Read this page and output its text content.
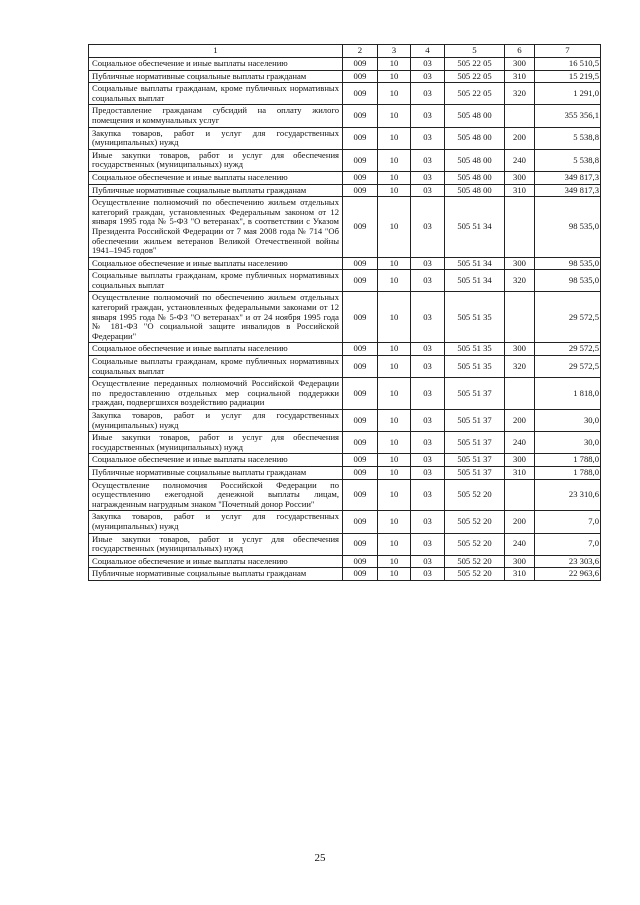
1	2	3	4	5	6	7
Социальное обеспечение и иные выплаты населению	009	10	03	505 22 05	300	16 510,5
Публичные нормативные социальные выплаты гражданам	009	10	03	505 22 05	310	15 219,5
Социальные выплаты гражданам, кроме публичных нормативных социальных выплат	009	10	03	505 22 05	320	1 291,0
Предоставление гражданам субсидий на оплату жилого помещения и коммунальных услуг	009	10	03	505 48 00		355 356,1
Закупка товаров, работ и услуг для государственных (муниципальных) нужд	009	10	03	505 48 00	200	5 538,8
Иные закупки товаров, работ и услуг для обеспечения государственных (муниципальных) нужд	009	10	03	505 48 00	240	5 538,8
Социальное обеспечение и иные выплаты населению	009	10	03	505 48 00	300	349 817,3
Публичные нормативные социальные выплаты гражданам	009	10	03	505 48 00	310	349 817,3
Осуществление полномочий по обеспечению жильем отдельных категорий граждан, установленных Федеральным законом от 12 января 1995 года № 5-ФЗ "О ветеранах", в соответствии с Указом Президента Российской Федерации от 7 мая 2008 года № 714 "Об обеспечении жильем ветеранов Великой Отечественной войны 1941–1945 годов"	009	10	03	505 51 34		98 535,0
Социальное обеспечение и иные выплаты населению	009	10	03	505 51 34	300	98 535,0
Социальные выплаты гражданам, кроме публичных нормативных социальных выплат	009	10	03	505 51 34	320	98 535,0
Осуществление полномочий по обеспечению жильем отдельных категорий граждан, установленных федеральными законами от 12 января 1995 года № 5-ФЗ "О ветеранах" и от 24 ноября 1995 года № 181-ФЗ "О социальной защите инвалидов в Российской Федерации"	009	10	03	505 51 35		29 572,5
Социальное обеспечение и иные выплаты населению	009	10	03	505 51 35	300	29 572,5
Социальные выплаты гражданам, кроме публичных нормативных социальных выплат	009	10	03	505 51 35	320	29 572,5
Осуществление переданных полномочий Российской Федерации по предоставлению отдельных мер социальной поддержки граждан, подвергшихся воздействию радиации	009	10	03	505 51 37		1 818,0
Закупка товаров, работ и услуг для государственных (муниципальных) нужд	009	10	03	505 51 37	200	30,0
Иные закупки товаров, работ и услуг для обеспечения государственных (муниципальных) нужд	009	10	03	505 51 37	240	30,0
Социальное обеспечение и иные выплаты населению	009	10	03	505 51 37	300	1 788,0
Публичные нормативные социальные выплаты гражданам	009	10	03	505 51 37	310	1 788,0
Осуществление полномочия Российской Федерации по осуществлению ежегодной денежной выплаты лицам, награжденным нагрудным знаком "Почетный донор России"	009	10	03	505 52 20		23 310,6
Закупка товаров, работ и услуг для государственных (муниципальных) нужд	009	10	03	505 52 20	200	7,0
Иные закупки товаров, работ и услуг для обеспечения государственных (муниципальных) нужд	009	10	03	505 52 20	240	7,0
Социальное обеспечение и иные выплаты населению	009	10	03	505 52 20	300	23 303,6
Публичные нормативные социальные выплаты гражданам	009	10	03	505 52 20	310	22 963,6
25
